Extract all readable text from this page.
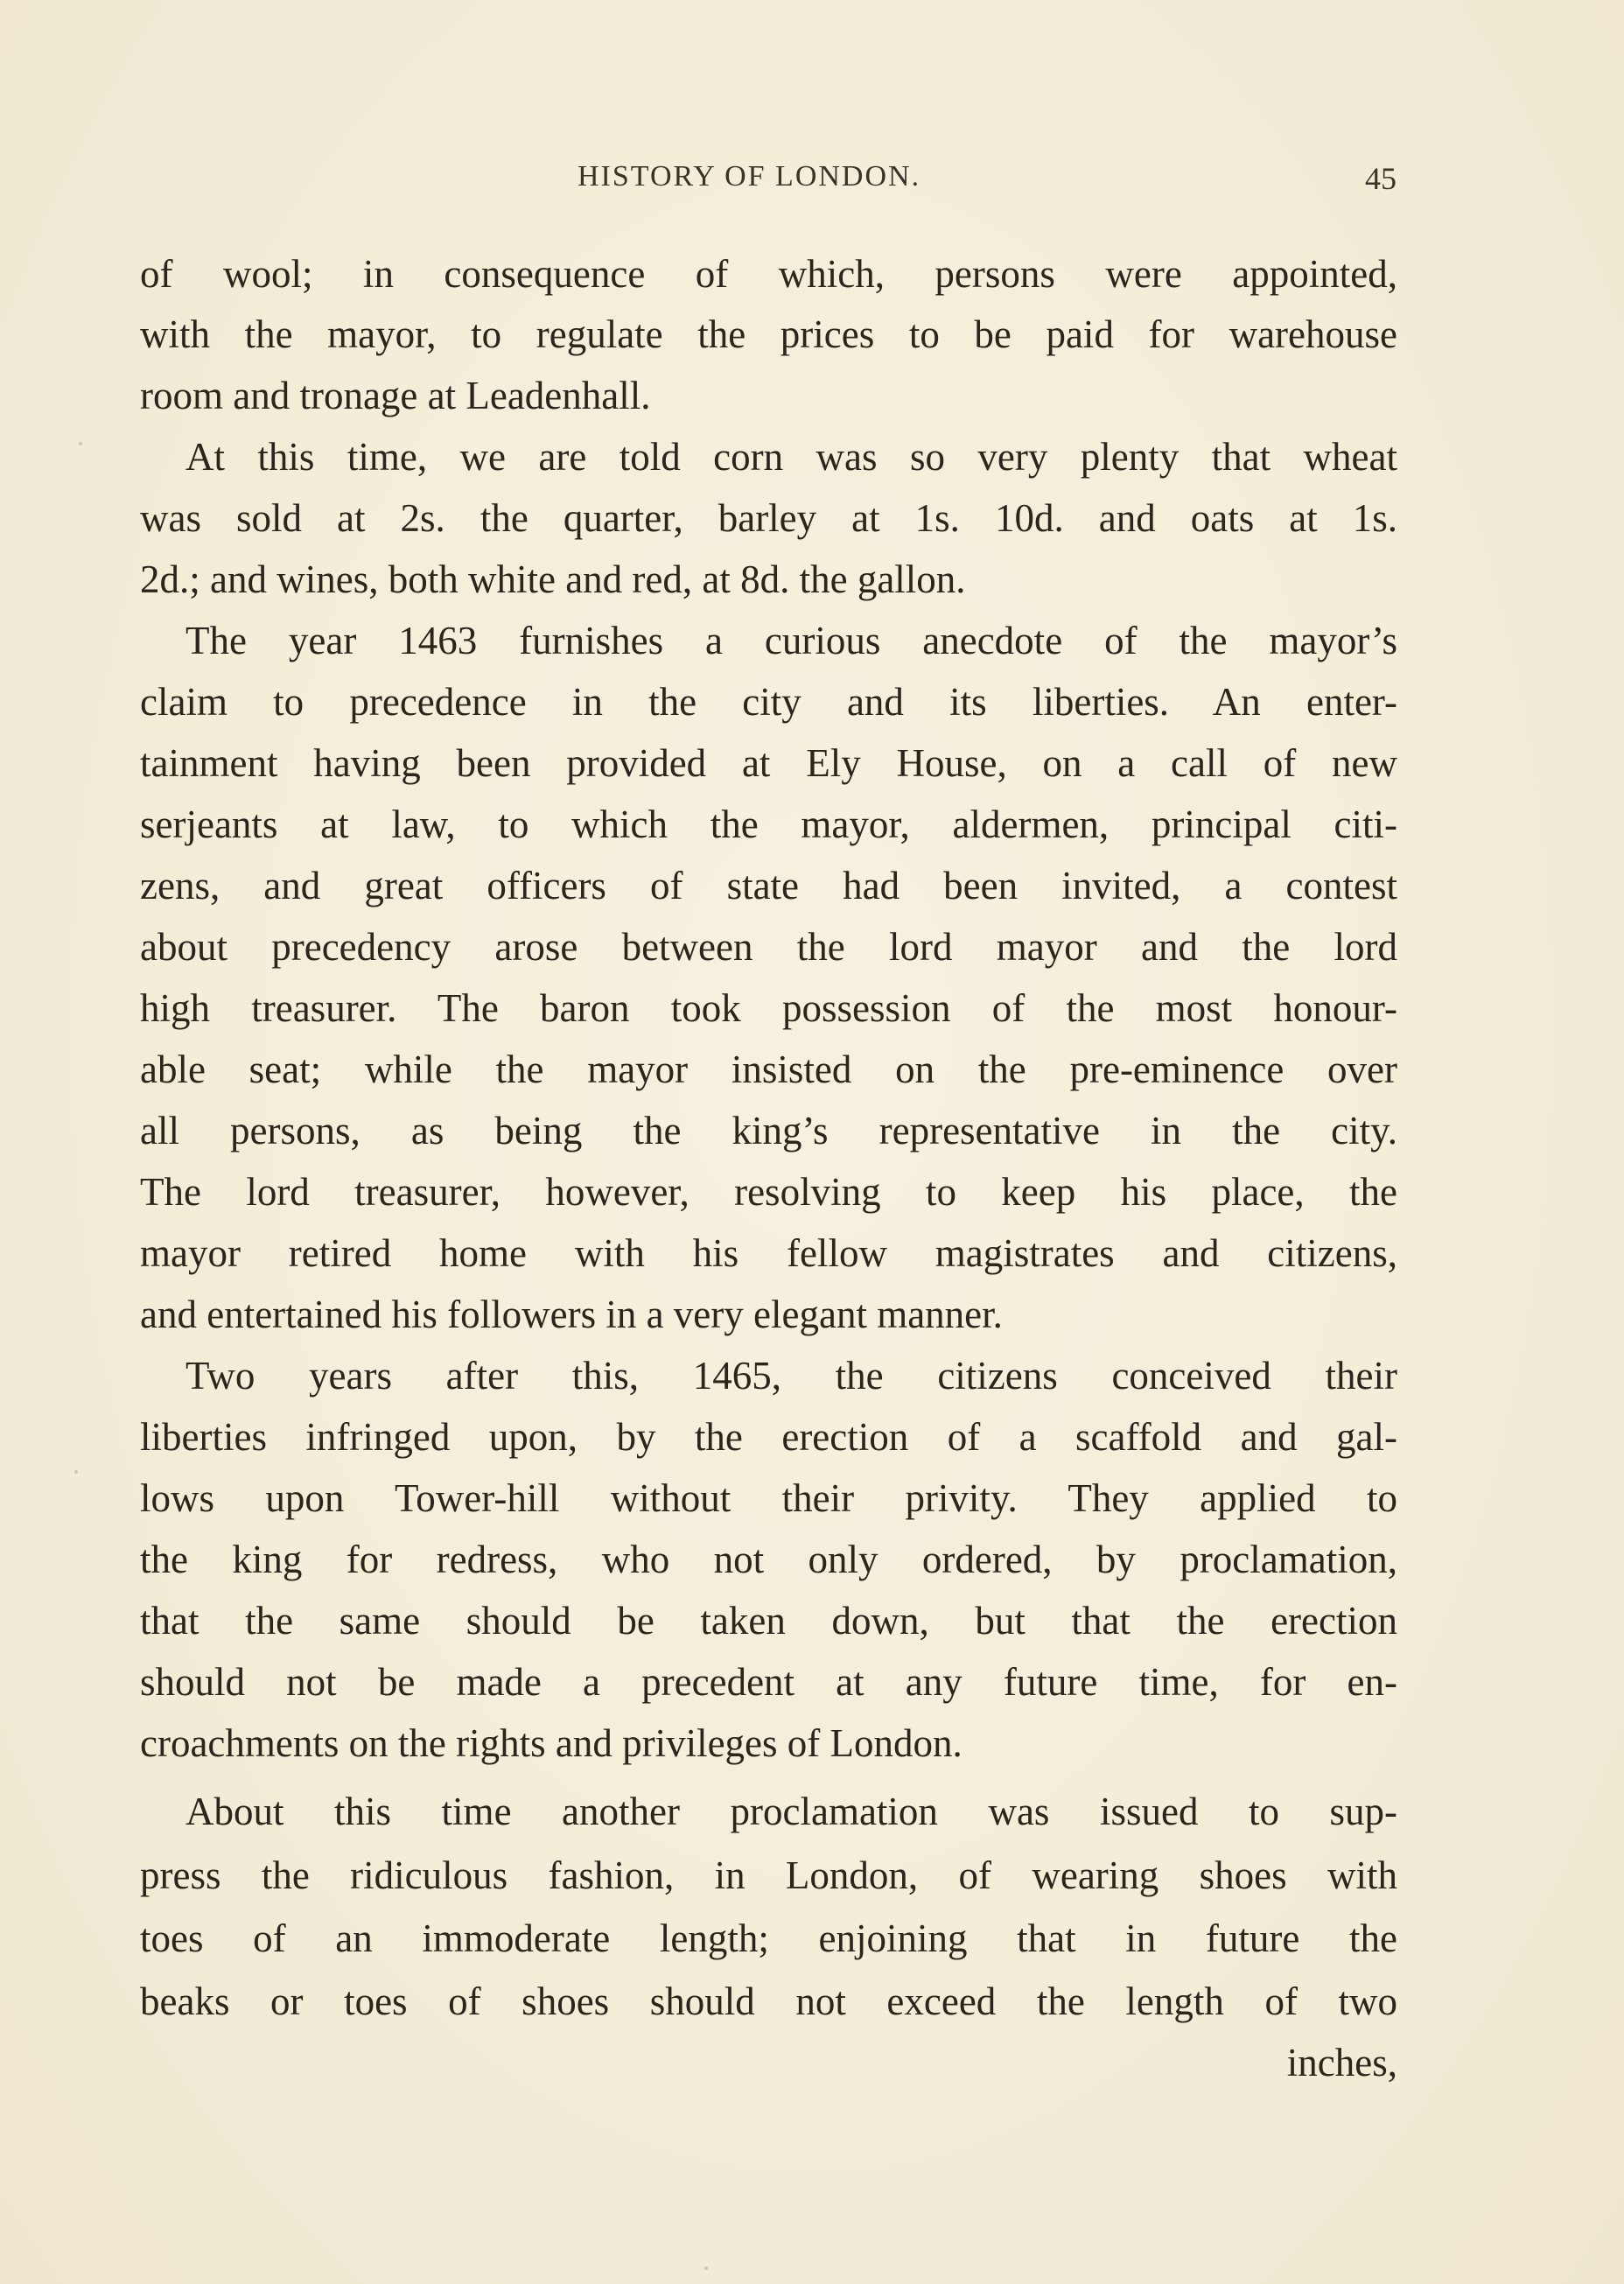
HISTORY OF LONDON.	45
of wool; in consequence of which, persons were appointed,
with the mayor, to regulate the prices to be paid for warehouse
room and tronage at Leadenhall.
At this time, we are told corn was so very plenty that wheat
was sold at 2s. the quarter, barley at 1s. 10d. and oats at 1s.
2d.; and wines, both white and red, at 8d. the gallon.
The year 1463 furnishes a curious anecdote of the mayor’s
claim to precedence in the city and its liberties. An enter-
tainment having been provided at Ely House, on a call of new
serjeants at law, to which the mayor, aldermen, principal citi-
zens, and great officers of state had been invited, a contest
about precedency arose between the lord mayor and the lord
high treasurer. The baron took possession of the most honour-
able seat; while the mayor insisted on the pre-eminence over
all persons, as being the king’s representative in the city.
The lord treasurer, however, resolving to keep his place, the
mayor retired home with his fellow magistrates and citizens,
and entertained his followers in a very elegant manner.
Two years after this, 1465, the citizens conceived their
liberties infringed upon, by the erection of a scaffold and gal-
lows upon Tower-hill without their privity. They applied to
the king for redress, who not only ordered, by proclamation,
that the same should be taken down, but that the erection
should not be made a precedent at any future time, for en-
croachments on the rights and privileges of London.
About this time another proclamation was issued to sup-
press the ridiculous fashion, in London, of wearing shoes with
toes of an immoderate length; enjoining that in future the
beaks or toes of shoes should not exceed the length of two
inches,
